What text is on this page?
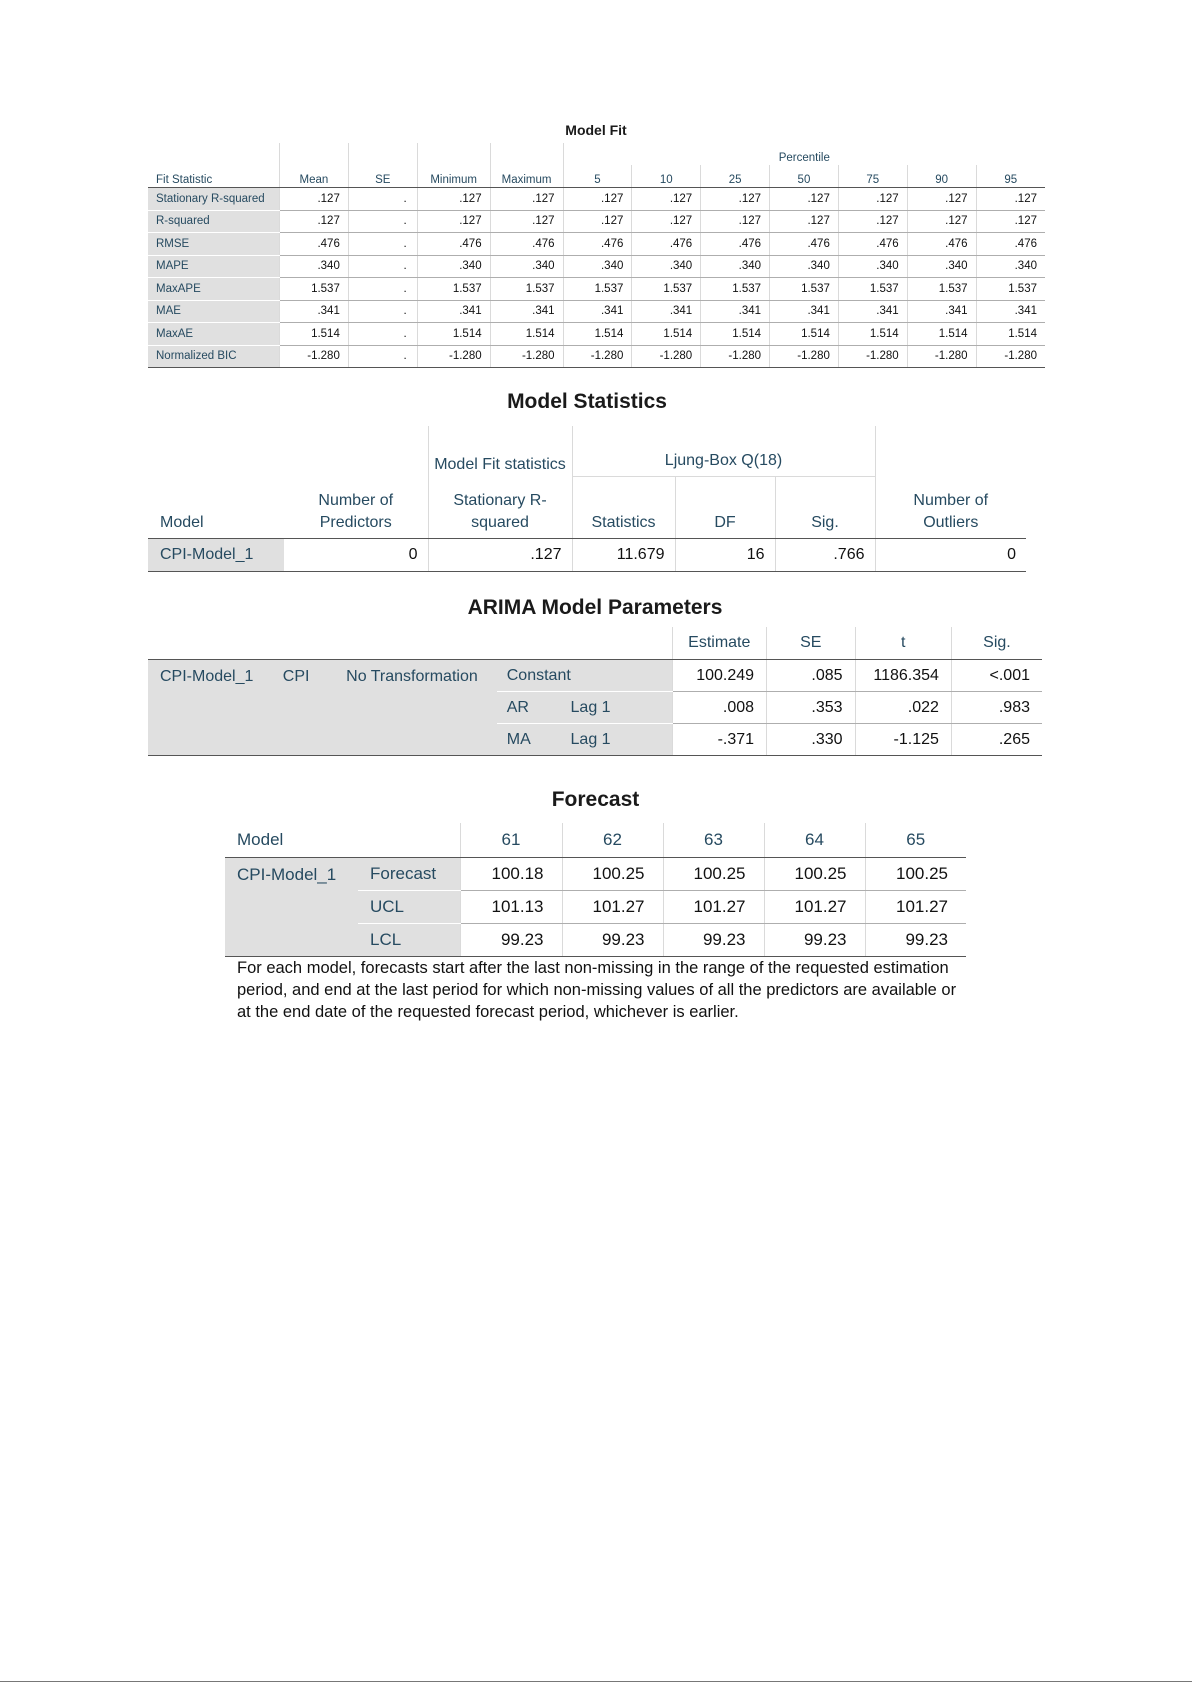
Model Fit
					Percentile						
Fit Statistic	Mean	SE	Minimum	Maximum	5	10	25	50	75	90	95
Stationary R-squared	.127	.	.127	.127	.127	.127	.127	.127	.127	.127	.127
R-squared	.127	.	.127	.127	.127	.127	.127	.127	.127	.127	.127
RMSE	.476	.	.476	.476	.476	.476	.476	.476	.476	.476	.476
MAPE	.340	.	.340	.340	.340	.340	.340	.340	.340	.340	.340
MaxAPE	1.537	.	1.537	1.537	1.537	1.537	1.537	1.537	1.537	1.537	1.537
MAE	.341	.	.341	.341	.341	.341	.341	.341	.341	.341	.341
MaxAE	1.514	.	1.514	1.514	1.514	1.514	1.514	1.514	1.514	1.514	1.514
Normalized BIC	-1.280	.	-1.280	-1.280	-1.280	-1.280	-1.280	-1.280	-1.280	-1.280	-1.280
Model Statistics
		Model Fit statistics	Ljung-Box Q(18)			
Model	Number of Predictors	Stationary R-squared	Statistics	DF	Sig.	Number of Outliers
CPI-Model_1	0	.127	11.679	16	.766	0
ARIMA Model Parameters
					Estimate	SE	t	Sig.
CPI-Model_1	CPI	No Transformation	Constant		100.249	.085	1186.354	<.001
			AR	Lag 1	.008	.353	.022	.983
			MA	Lag 1	-.371	.330	-1.125	.265
Forecast
Model		61	62	63	64	65
CPI-Model_1	Forecast	100.18	100.25	100.25	100.25	100.25
	UCL	101.13	101.27	101.27	101.27	101.27
	LCL	99.23	99.23	99.23	99.23	99.23
For each model, forecasts start after the last non-missing in the range of the requested estimation period, and end at the last period for which non-missing values of all the predictors are available or at the end date of the requested forecast period, whichever is earlier.
